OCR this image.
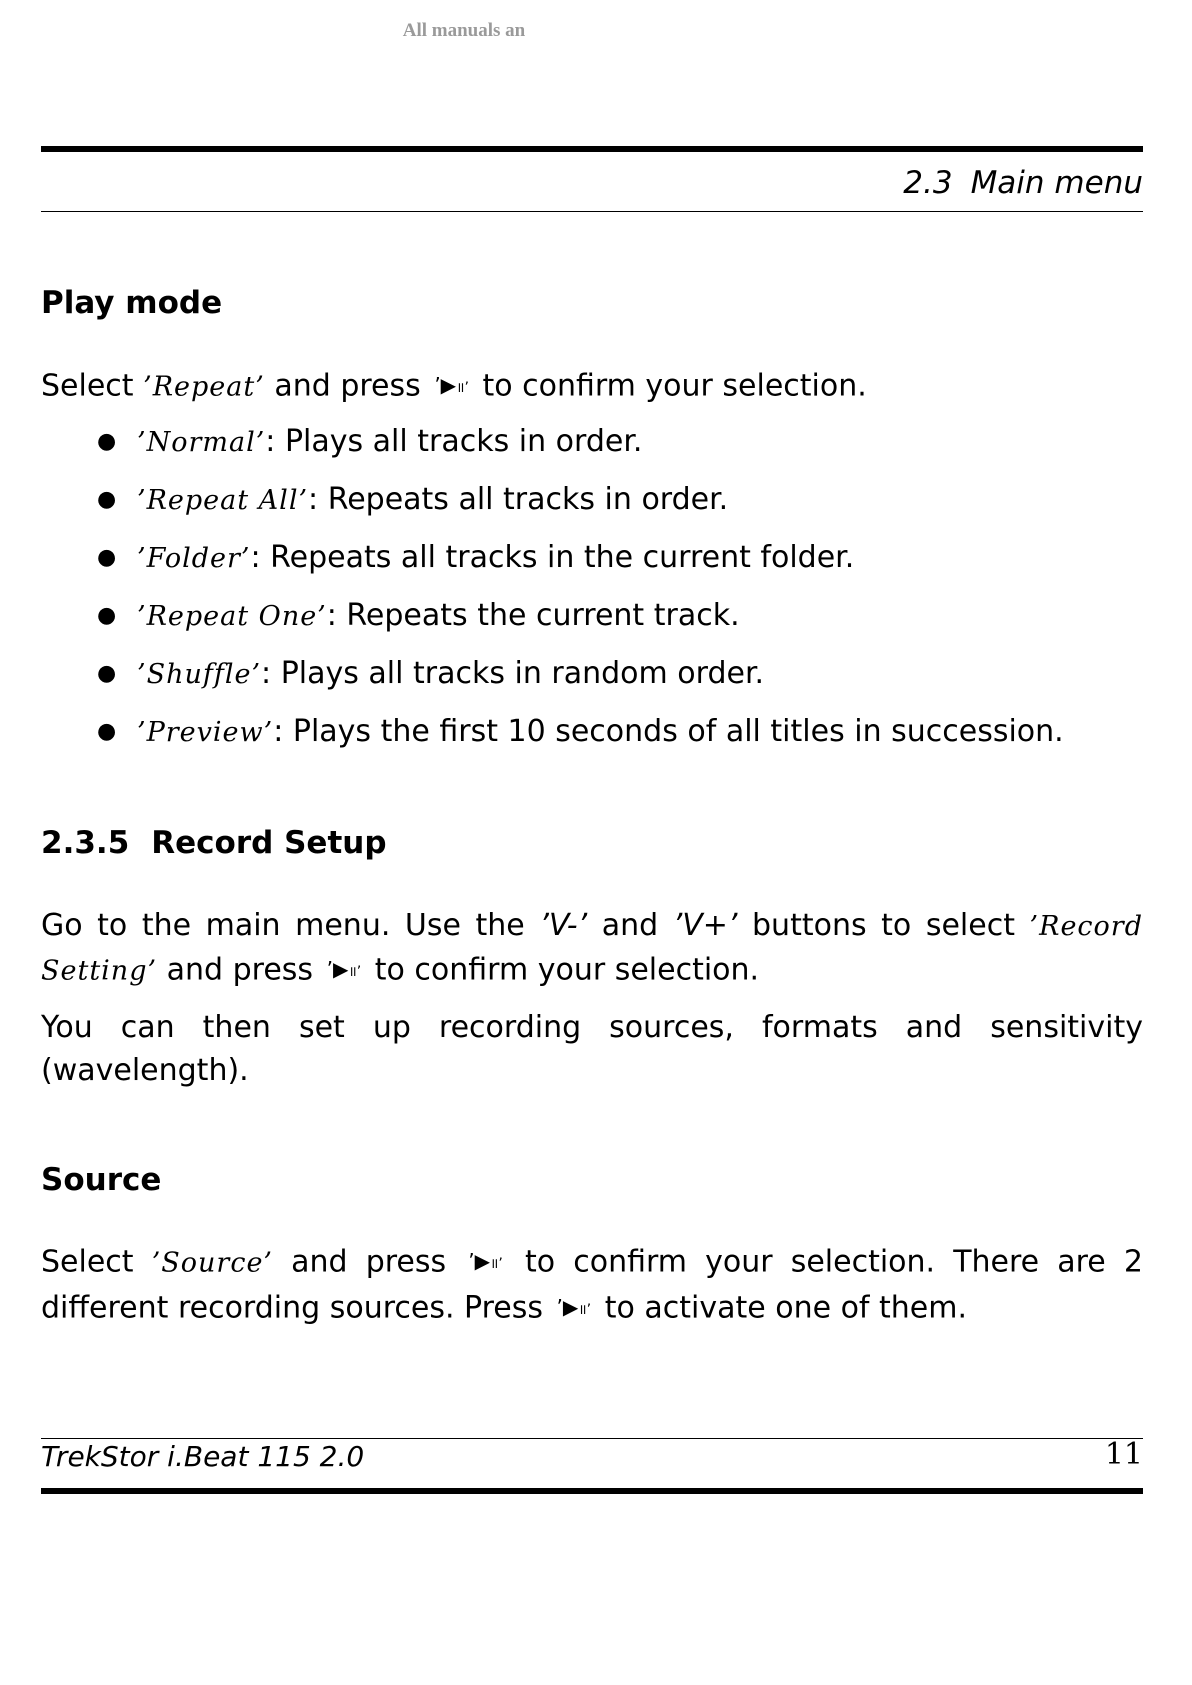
All manuals an
2.3 Main menu
Play mode

Select ’Repeat’ and press ’▶॥’ to confirm your selection.

● ’Normal’: Plays all tracks in order.
● ’Repeat All’: Repeats all tracks in order.
● ’Folder’: Repeats all tracks in the current folder.
● ’Repeat One’: Repeats the current track.
● ’Shuffle’: Plays all tracks in random order.
● ’Preview’: Plays the first 10 seconds of all titles in succession.
2.3.5 Record Setup

Go to the main menu. Use the ’V-’ and ’V+’ buttons to select ’Record Setting’ and press ’▶॥’ to confirm your selection.

You can then set up recording sources, formats and sensitivity (wavelength).

Source

Select ’Source’ and press ’▶॥’ to confirm your selection. There are 2 different recording sources. Press ’▶॥’ to activate one of them.

TrekStor i.Beat 115 2.0	11
